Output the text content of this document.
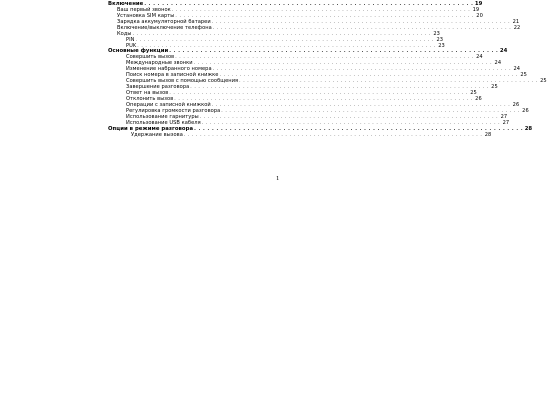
Включение . . . . . . . . . . . . . . . . . . . . . . . . . . . . . . . . . . . . . . . . . . . . . . . . . . . . . . . . . . . . . . . . . . . . . . . . . . 19
Ваш первый звонок . . . . . . . . . . . . . . . . . . . . . . . . . . . . . . . . . . . . . . . . . . . . . . . . . . . . . . . . . . . . . . . . . . . . . . . . . . 19
Установка SIM карты . . . . . . . . . . . . . . . . . . . . . . . . . . . . . . . . . . . . . . . . . . . . . . . . . . . . . . . . . . . . . . . . . . . . . . . . . . 20
Зарядка аккумуляторной батареи . . . . . . . . . . . . . . . . . . . . . . . . . . . . . . . . . . . . . . . . . . . . . . . . . . . . . . . . . . . . . . . . . . . . . . . . . . 21
Включение/выключение телефона . . . . . . . . . . . . . . . . . . . . . . . . . . . . . . . . . . . . . . . . . . . . . . . . . . . . . . . . . . . . . . . . . . . . . . . . . . 22
Коды . . . . . . . . . . . . . . . . . . . . . . . . . . . . . . . . . . . . . . . . . . . . . . . . . . . . . . . . . . . . . . . . . . . . . . . . . . 23
PIN . . . . . . . . . . . . . . . . . . . . . . . . . . . . . . . . . . . . . . . . . . . . . . . . . . . . . . . . . . . . . . . . . . . . . . . . . . 23
PUK . . . . . . . . . . . . . . . . . . . . . . . . . . . . . . . . . . . . . . . . . . . . . . . . . . . . . . . . . . . . . . . . . . . . . . . . . . 23
Основные функции . . . . . . . . . . . . . . . . . . . . . . . . . . . . . . . . . . . . . . . . . . . . . . . . . . . . . . . . . . . . . . . . . . . . . . . . . . 24
Совершить вызов . . . . . . . . . . . . . . . . . . . . . . . . . . . . . . . . . . . . . . . . . . . . . . . . . . . . . . . . . . . . . . . . . . . . . . . . . . 24
Международные звонки . . . . . . . . . . . . . . . . . . . . . . . . . . . . . . . . . . . . . . . . . . . . . . . . . . . . . . . . . . . . . . . . . . . . . . . . . . 24
Изменение набранного номера . . . . . . . . . . . . . . . . . . . . . . . . . . . . . . . . . . . . . . . . . . . . . . . . . . . . . . . . . . . . . . . . . . . . . . . . . . 24
Поиск номера в записной книжке . . . . . . . . . . . . . . . . . . . . . . . . . . . . . . . . . . . . . . . . . . . . . . . . . . . . . . . . . . . . . . . . . . . . . . . . . . 25
Совершить вызов с помощью сообщения . . . . . . . . . . . . . . . . . . . . . . . . . . . . . . . . . . . . . . . . . . . . . . . . . . . . . . . . . . . . . . . . . . . . . . . . . . 25
Завершение разговора . . . . . . . . . . . . . . . . . . . . . . . . . . . . . . . . . . . . . . . . . . . . . . . . . . . . . . . . . . . . . . . . . . . . . . . . . . 25
Ответ на вызов . . . . . . . . . . . . . . . . . . . . . . . . . . . . . . . . . . . . . . . . . . . . . . . . . . . . . . . . . . . . . . . . . . . . . . . . . . 25
Отклонить вызов . . . . . . . . . . . . . . . . . . . . . . . . . . . . . . . . . . . . . . . . . . . . . . . . . . . . . . . . . . . . . . . . . . . . . . . . . . 26
Операции с записной книжкой . . . . . . . . . . . . . . . . . . . . . . . . . . . . . . . . . . . . . . . . . . . . . . . . . . . . . . . . . . . . . . . . . . . . . . . . . . 26
Регулировка громкости разговора . . . . . . . . . . . . . . . . . . . . . . . . . . . . . . . . . . . . . . . . . . . . . . . . . . . . . . . . . . . . . . . . . . . . . . . . . . 26
Использование гарнитуры . . . . . . . . . . . . . . . . . . . . . . . . . . . . . . . . . . . . . . . . . . . . . . . . . . . . . . . . . . . . . . . . . . . . . . . . . . 27
Использование USB кабеля . . . . . . . . . . . . . . . . . . . . . . . . . . . . . . . . . . . . . . . . . . . . . . . . . . . . . . . . . . . . . . . . . . . . . . . . . . 27
Опции в режиме разговора . . . . . . . . . . . . . . . . . . . . . . . . . . . . . . . . . . . . . . . . . . . . . . . . . . . . . . . . . . . . . . . . . . . . . . . . . . 28
Удержание вызова . . . . . . . . . . . . . . . . . . . . . . . . . . . . . . . . . . . . . . . . . . . . . . . . . . . . . . . . . . . . . . . . . . . . . . . . . . 28
1
